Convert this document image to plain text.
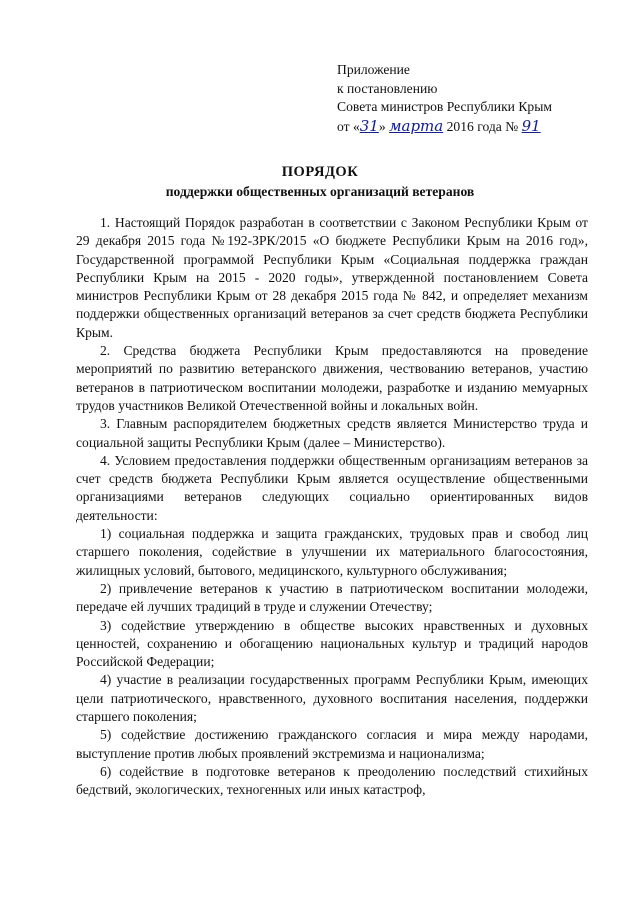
Приложение
к постановлению
Совета министров Республики Крым
от «31» марта 2016 года № 91
ПОРЯДОК
поддержки общественных организаций ветеранов

1. Настоящий Порядок разработан в соответствии с Законом Республики Крым от 29 декабря 2015 года №192-ЗРК/2015 «О бюджете Республики Крым на 2016 год», Государственной программой Республики Крым «Социальная поддержка граждан Республики Крым на 2015 - 2020 годы», утвержденной постановлением Совета министров Республики Крым от 28 декабря 2015 года № 842, и определяет механизм поддержки общественных организаций ветеранов за счет средств бюджета Республики Крым.

2. Средства бюджета Республики Крым предоставляются на проведение мероприятий по развитию ветеранского движения, чествованию ветеранов, участию ветеранов в патриотическом воспитании молодежи, разработке и изданию мемуарных трудов участников Великой Отечественной войны и локальных войн.

3. Главным распорядителем бюджетных средств является Министерство труда и социальной защиты Республики Крым (далее – Министерство).

4. Условием предоставления поддержки общественным организациям ветеранов за счет средств бюджета Республики Крым является осуществление общественными организациями ветеранов следующих социально ориентированных видов деятельности:

1) социальная поддержка и защита гражданских, трудовых прав и свобод лиц старшего поколения, содействие в улучшении их материального благосостояния, жилищных условий, бытового, медицинского, культурного обслуживания;

2) привлечение ветеранов к участию в патриотическом воспитании молодежи, передаче ей лучших традиций в труде и служении Отечеству;

3) содействие утверждению в обществе высоких нравственных и духовных ценностей, сохранению и обогащению национальных культур и традиций народов Российской Федерации;

4) участие в реализации государственных программ Республики Крым, имеющих цели патриотического, нравственного, духовного воспитания населения, поддержки старшего поколения;

5) содействие достижению гражданского согласия и мира между народами, выступление против любых проявлений экстремизма и национализма;

6) содействие в подготовке ветеранов к преодолению последствий стихийных бедствий, экологических, техногенных или иных катастроф,
